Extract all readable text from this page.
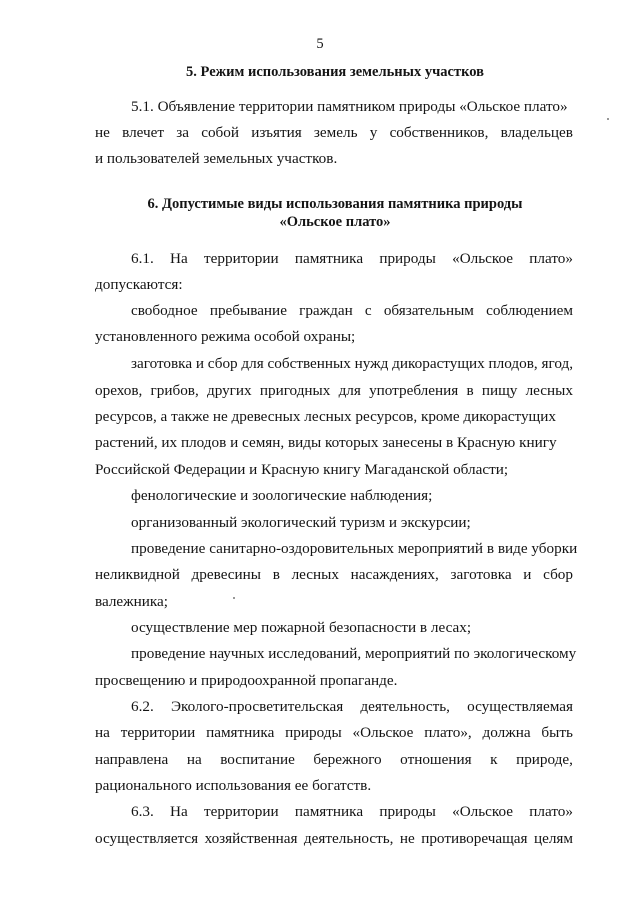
5
5. Режим использования земельных участков
5.1. Объявление территории памятником природы «Ольское плато»
не влечет за собой изъятия земель у собственников, владельцев
и пользователей земельных участков.
6. Допустимые виды использования памятника природы
«Ольское плато»
6.1. На территории памятника природы «Ольское плато»
допускаются:
свободное пребывание граждан с обязательным соблюдением
установленного режима особой охраны;
заготовка и сбор для собственных нужд дикорастущих плодов, ягод,
орехов, грибов, других пригодных для употребления в пищу лесных
ресурсов, а также не древесных лесных ресурсов, кроме дикорастущих
растений, их плодов и семян, виды которых занесены в Красную книгу
Российской Федерации и Красную книгу Магаданской области;
фенологические и зоологические наблюдения;
организованный экологический туризм и экскурсии;
проведение санитарно-оздоровительных мероприятий в виде уборки
неликвидной древесины в лесных насаждениях, заготовка и сбор
валежника;
осуществление мер пожарной безопасности в лесах;
проведение научных исследований, мероприятий по экологическому
просвещению и природоохранной пропаганде.
6.2. Эколого-просветительская деятельность, осуществляемая
на территории памятника природы «Ольское плато», должна быть
направлена на воспитание бережного отношения к природе,
рационального использования ее богатств.
6.3. На территории памятника природы «Ольское плато»
осуществляется хозяйственная деятельность, не противоречащая целям
